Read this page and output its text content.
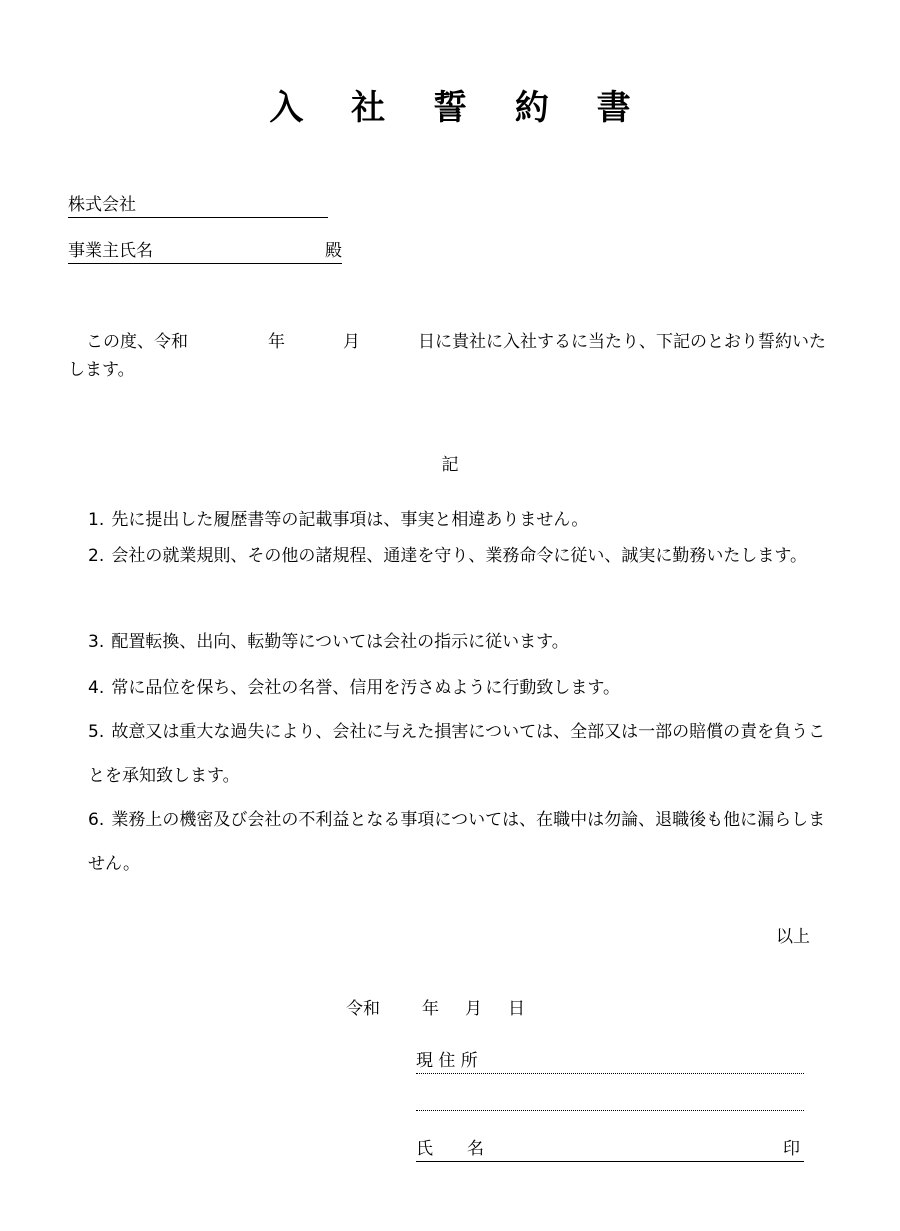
入 社 誓 約 書
株式会社
事業主氏名	殿
この度、令和	年	月	日に貴社に入社するに当たり、下記のとおり誓約いたします。
記
1. 先に提出した履歴書等の記載事項は、事実と相違ありません。
2. 会社の就業規則、その他の諸規程、通達を守り、業務命令に従い、誠実に勤務いたします。
3. 配置転換、出向、転勤等については会社の指示に従います。
4. 常に品位を保ち、会社の名誉、信用を汚さぬように行動致します。
5. 故意又は重大な過失により、会社に与えた損害については、全部又は一部の賠償の責を負うことを承知致します。
6. 業務上の機密及び会社の不利益となる事項については、在職中は勿論、退職後も他に漏らしません。
以上
令和 年 月 日
現 住 所
氏　　名	印
